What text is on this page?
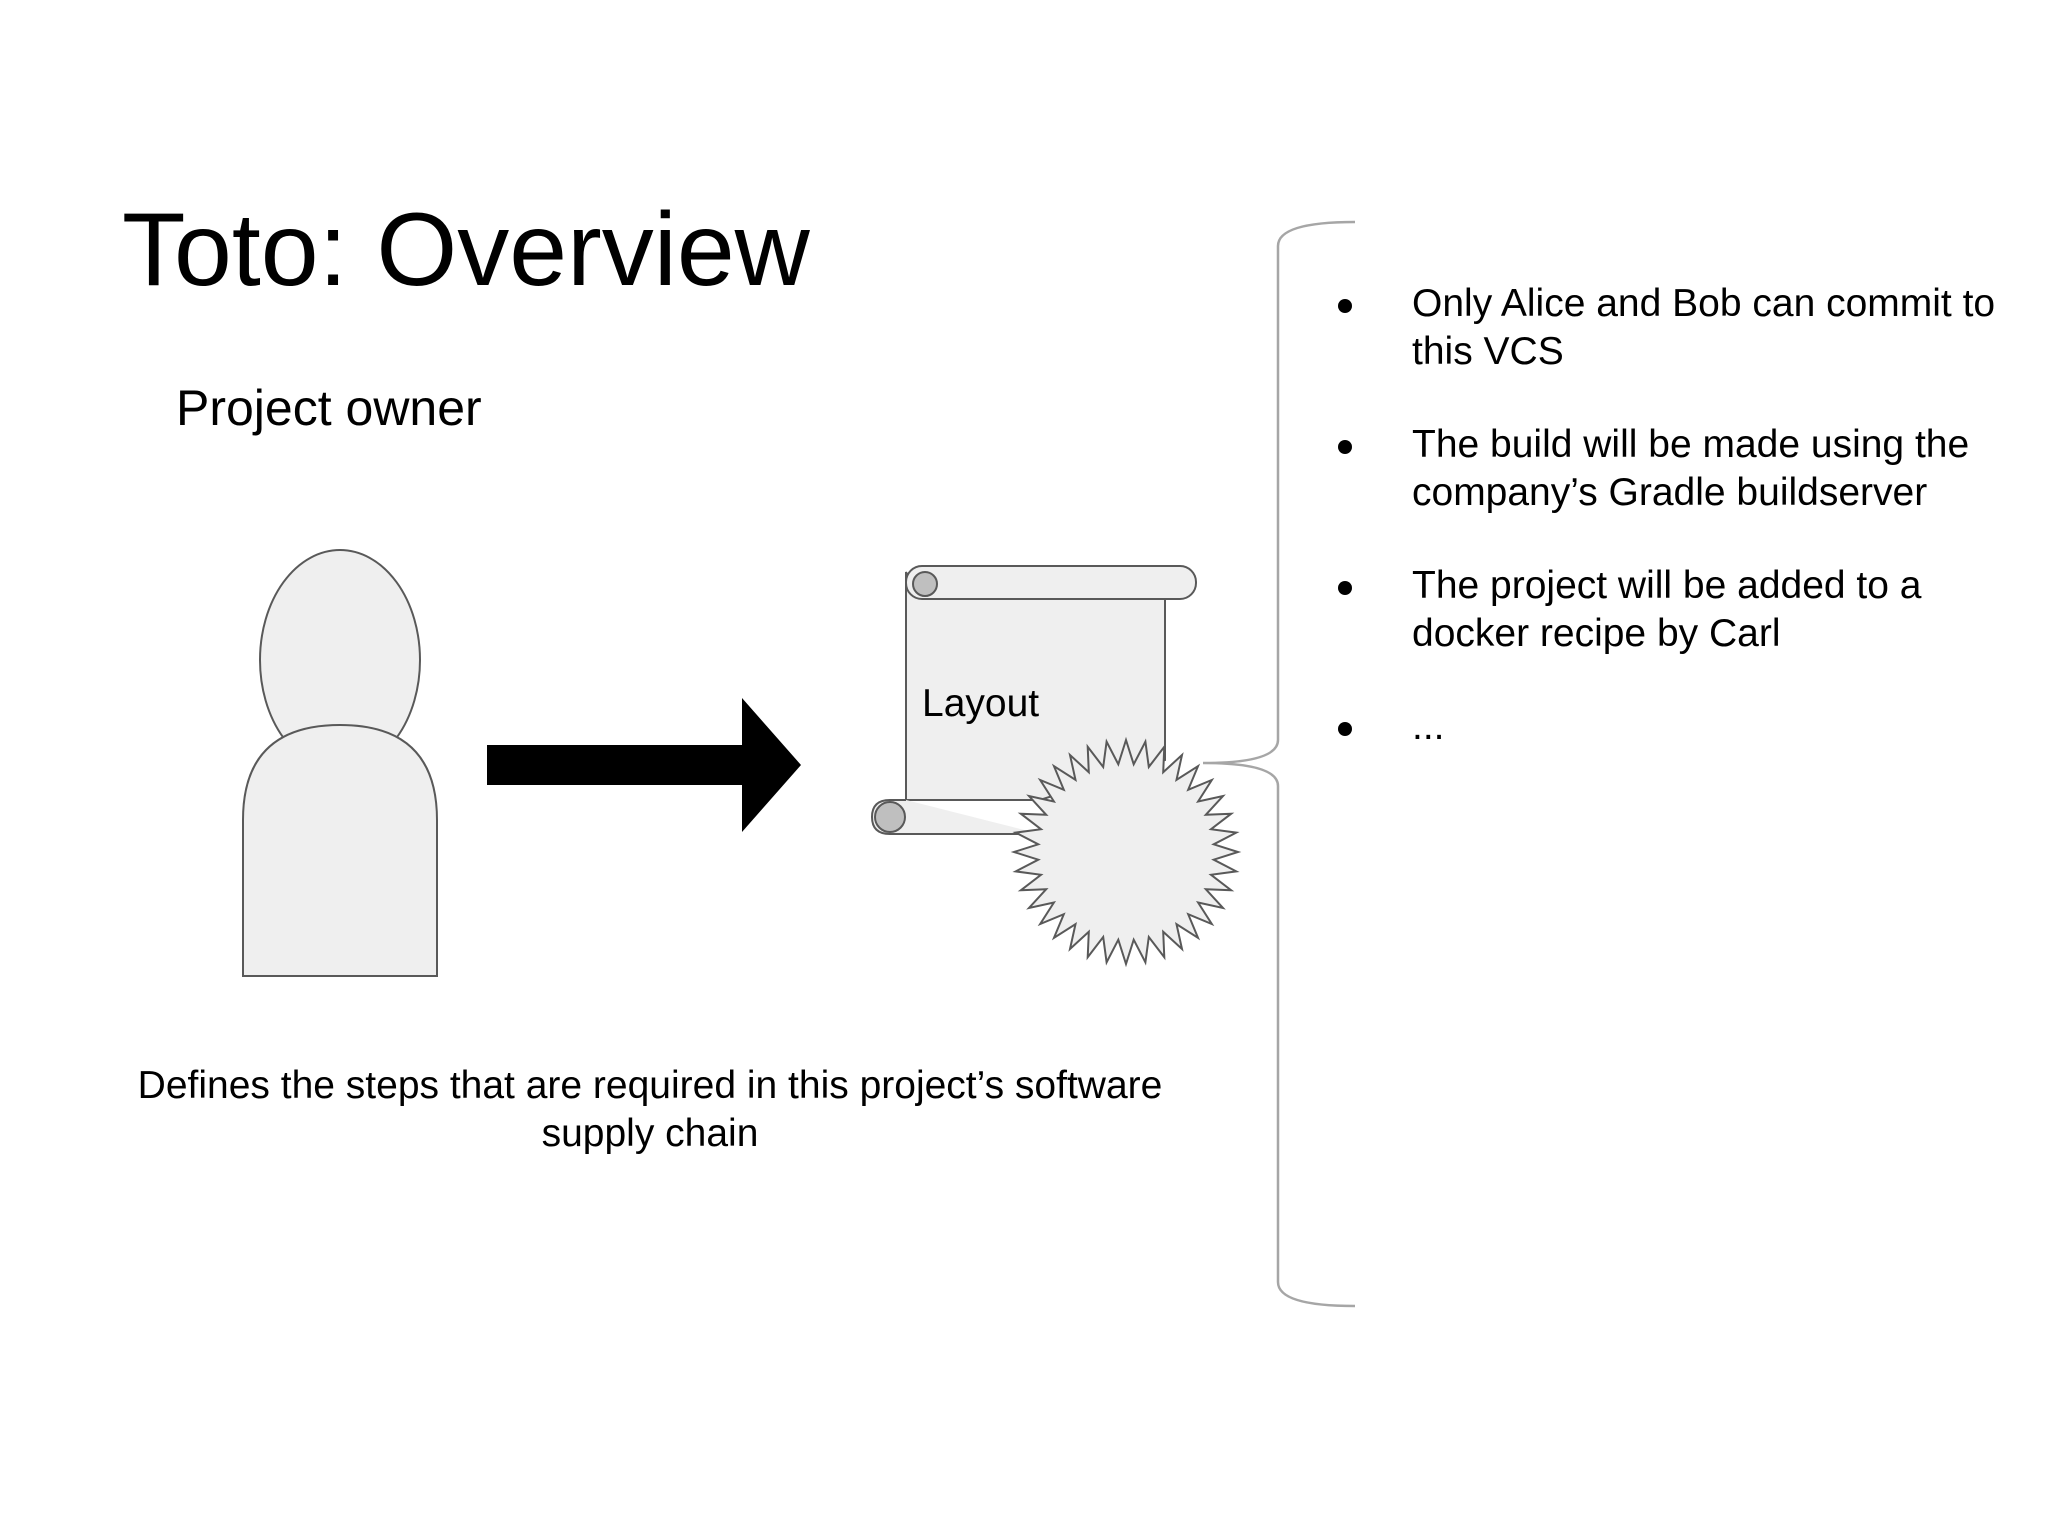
Toto: Overview
Project owner
Layout
Only Alice and Bob can commit to this VCS
The build will be made using the company’s Gradle buildserver
The project will be added to a docker recipe by Carl
...
Defines the steps that are required in this project’s software supply chain
